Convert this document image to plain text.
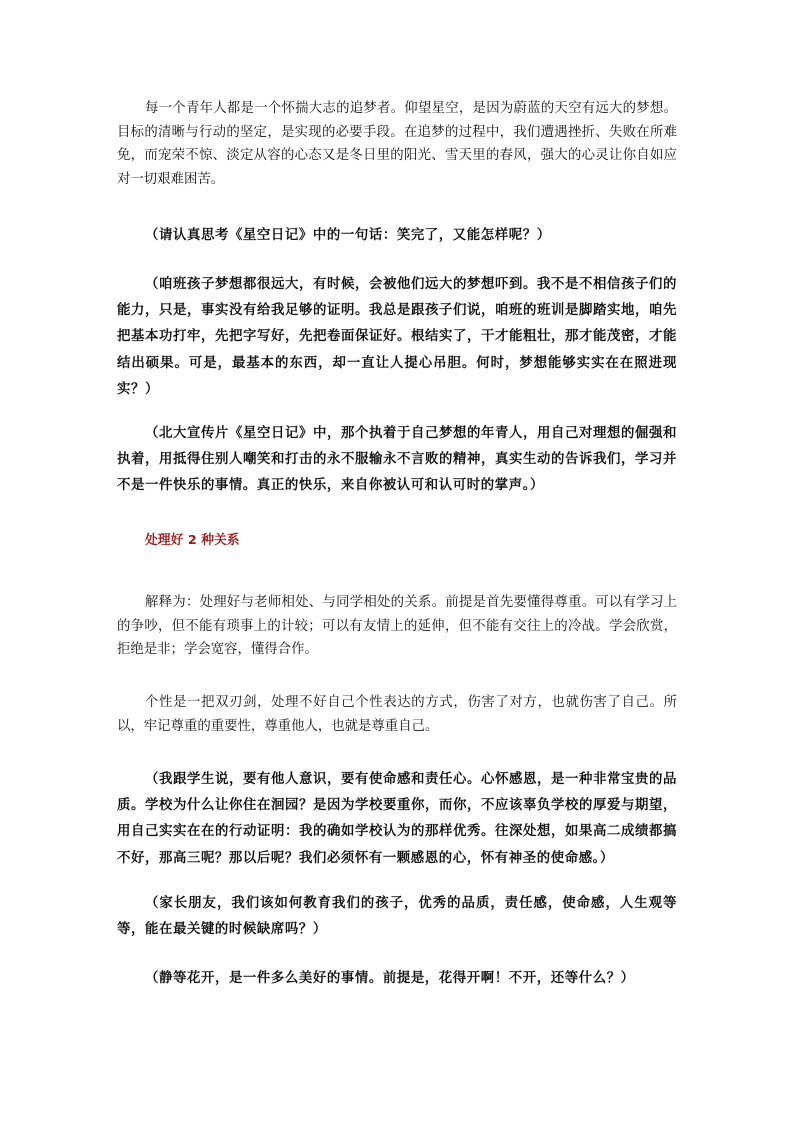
每一个青年人都是一个怀揣大志的追梦者。仰望星空，是因为蔚蓝的天空有远大的梦想。目标的清晰与行动的坚定，是实现的必要手段。在追梦的过程中，我们遭遇挫折、失败在所难免，而宠荣不惊、淡定从容的心态又是冬日里的阳光、雪天里的春风，强大的心灵让你自如应对一切艰难困苦。

（请认真思考《星空日记》中的一句话：笑完了，又能怎样呢？）

（咱班孩子梦想都很远大，有时候，会被他们远大的梦想吓到。我不是不相信孩子们的能力，只是，事实没有给我足够的证明。我总是跟孩子们说，咱班的班训是脚踏实地，咱先把基本功打牢，先把字写好，先把卷面保证好。根结实了，干才能粗壮，那才能茂密，才能结出硕果。可是，最基本的东西，却一直让人提心吊胆。何时，梦想能够实实在在照进现实？）

（北大宣传片《星空日记》中，那个执着于自己梦想的年青人，用自己对理想的倔强和执着，用抵得住别人嘲笑和打击的永不服输永不言败的精神，真实生动的告诉我们，学习并不是一件快乐的事情。真正的快乐，来自你被认可和认可时的掌声。）

处理好 2 种关系

解释为：处理好与老师相处、与同学相处的关系。前提是首先要懂得尊重。可以有学习上的争吵，但不能有琐事上的计较；可以有友情上的延伸，但不能有交往上的冷战。学会欣赏，拒绝是非；学会宽容，懂得合作。

个性是一把双刃剑，处理不好自己个性表达的方式，伤害了对方，也就伤害了自己。所以，牢记尊重的重要性，尊重他人，也就是尊重自己。

（我跟学生说，要有他人意识，要有使命感和责任心。心怀感恩，是一种非常宝贵的品质。学校为什么让你住在洄园？是因为学校要重你，而你，不应该辜负学校的厚爱与期望，用自己实实在在的行动证明：我的确如学校认为的那样优秀。往深处想，如果高二成绩都搞不好，那高三呢？那以后呢？我们必须怀有一颗感恩的心，怀有神圣的使命感。）

（家长朋友，我们该如何教育我们的孩子，优秀的品质，责任感，使命感，人生观等等，能在最关键的时候缺席吗？）

（静等花开，是一件多么美好的事情。前提是，花得开啊！不开，还等什么？）
